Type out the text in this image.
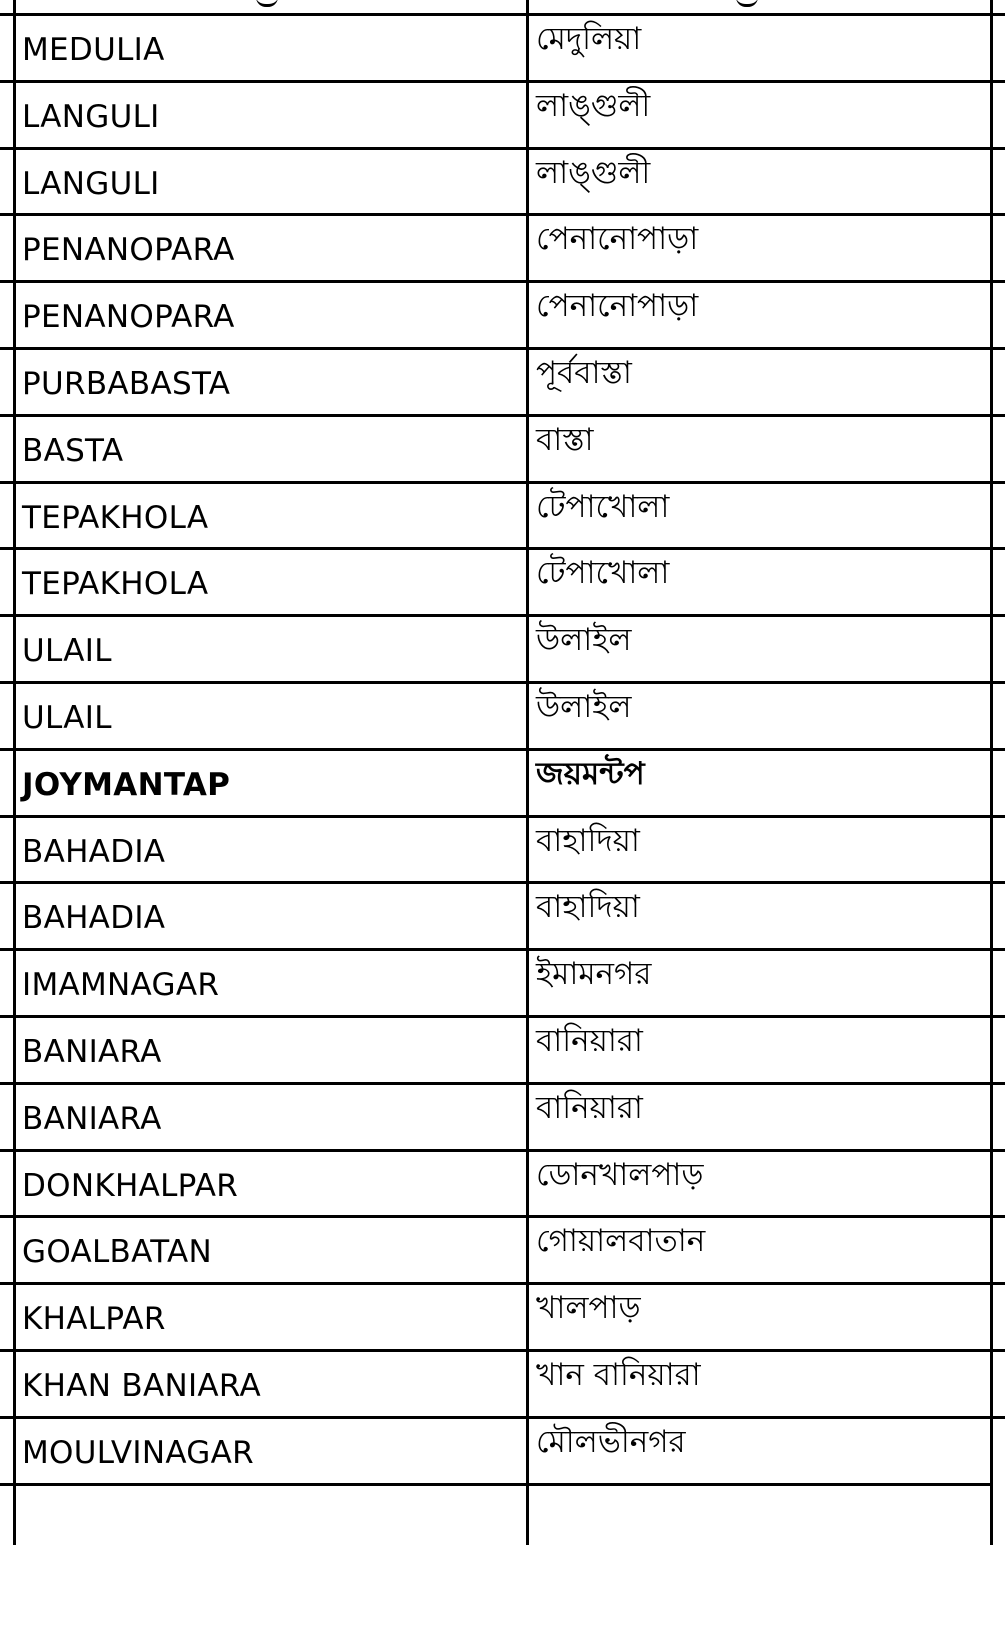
MEDULIA	মেদুলিয়া
LANGULI	লাঙ্গুলী
LANGULI	লাঙ্গুলী
PENANOPARA	পেনানোপাড়া
PENANOPARA	পেনানোপাড়া
PURBABASTA	পূর্ববাস্তা
BASTA	বাস্তা
TEPAKHOLA	টেপাখোলা
TEPAKHOLA	টেপাখোলা
ULAIL	উলাইল
ULAIL	উলাইল
JOYMANTAP	জয়মন্টপ
BAHADIA	বাহাদিয়া
BAHADIA	বাহাদিয়া
IMAMNAGAR	ইমামনগর
BANIARA	বানিয়ারা
BANIARA	বানিয়ারা
DONKHALPAR	ডোনখালপাড়
GOALBATAN	গোয়ালবাতান
KHALPAR	খালপাড়
KHAN BANIARA	খান বানিয়ারা
MOULVINAGAR	মৌলভীনগর
